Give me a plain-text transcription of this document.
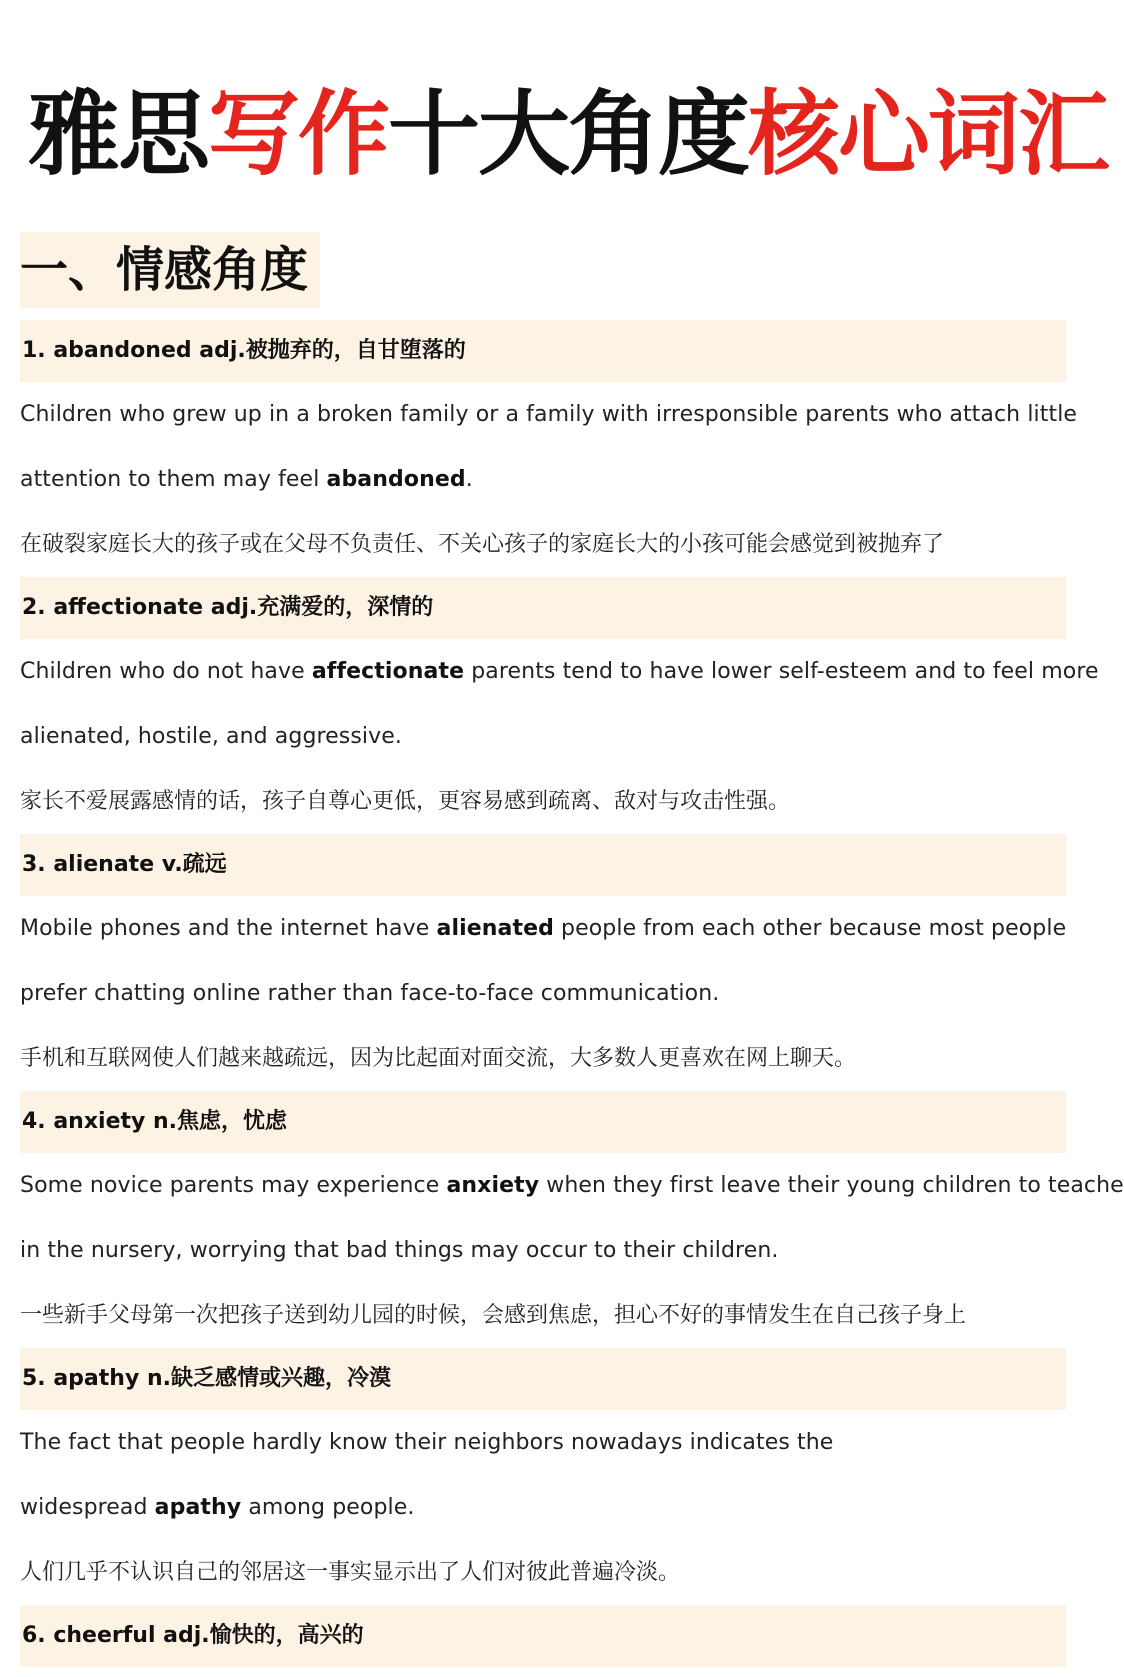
雅思写作十大角度核心词汇
一、情感角度
1. abandoned adj.被抛弃的，自甘堕落的
Children who grew up in a broken family or a family with irresponsible parents who attach little
attention to them may feel abandoned.
在破裂家庭长大的孩子或在父母不负责任、不关心孩子的家庭长大的小孩可能会感觉到被抛弃了
2. affectionate adj.充满爱的，深情的
Children who do not have affectionate parents tend to have lower self-esteem and to feel more
alienated, hostile, and aggressive.
家长不爱展露感情的话，孩子自尊心更低，更容易感到疏离、敌对与攻击性强。
3. alienate v.疏远
Mobile phones and the internet have alienated people from each other because most people
prefer chatting online rather than face-to-face communication.
手机和互联网使人们越来越疏远，因为比起面对面交流，大多数人更喜欢在网上聊天。
4. anxiety n.焦虑，忧虑
Some novice parents may experience anxiety when they first leave their young children to teache
in the nursery, worrying that bad things may occur to their children.
一些新手父母第一次把孩子送到幼儿园的时候，会感到焦虑，担心不好的事情发生在自己孩子身上
5. apathy n.缺乏感情或兴趣，冷漠
The fact that people hardly know their neighbors nowadays indicates the
widespread apathy among people.
人们几乎不认识自己的邻居这一事实显示出了人们对彼此普遍冷淡。
6. cheerful adj.愉快的，高兴的
